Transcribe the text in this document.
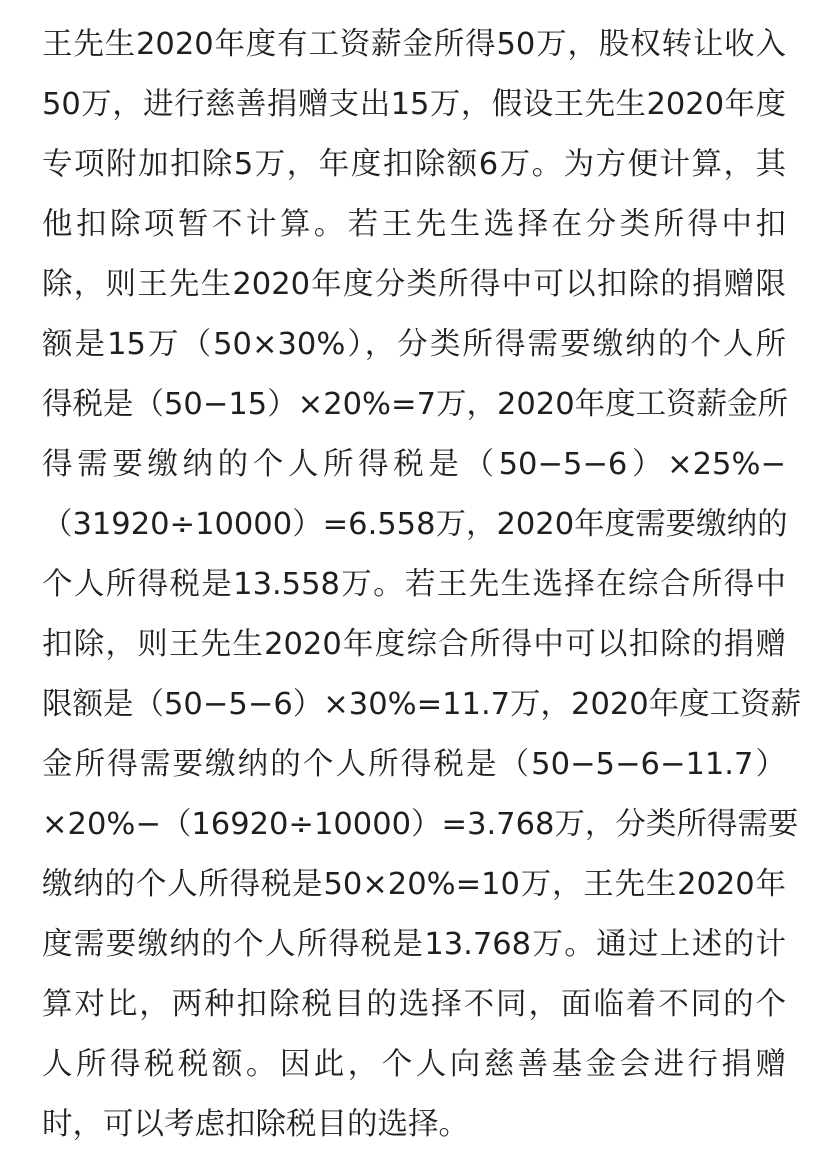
王先生2020年度有工资薪金所得50万，股权转让收入
50万，进行慈善捐赠支出15万，假设王先生2020年度
专项附加扣除5万，年度扣除额6万。为方便计算，其
他扣除项暂不计算。若王先生选择在分类所得中扣
除，则王先生2020年度分类所得中可以扣除的捐赠限
额是15万（50×30%），分类所得需要缴纳的个人所
得税是（50−15）×20%=7万，2020年度工资薪金所
得需要缴纳的个人所得税是（50−5−6）×25%−
（31920÷10000）=6.558万，2020年度需要缴纳的
个人所得税是13.558万。若王先生选择在综合所得中
扣除，则王先生2020年度综合所得中可以扣除的捐赠
限额是（50−5−6）×30%=11.7万，2020年度工资薪
金所得需要缴纳的个人所得税是（50−5−6−11.7）
×20%−（16920÷10000）=3.768万，分类所得需要
缴纳的个人所得税是50×20%=10万，王先生2020年
度需要缴纳的个人所得税是13.768万。通过上述的计
算对比，两种扣除税目的选择不同，面临着不同的个
人所得税税额。因此，个人向慈善基金会进行捐赠
时，可以考虑扣除税目的选择。
